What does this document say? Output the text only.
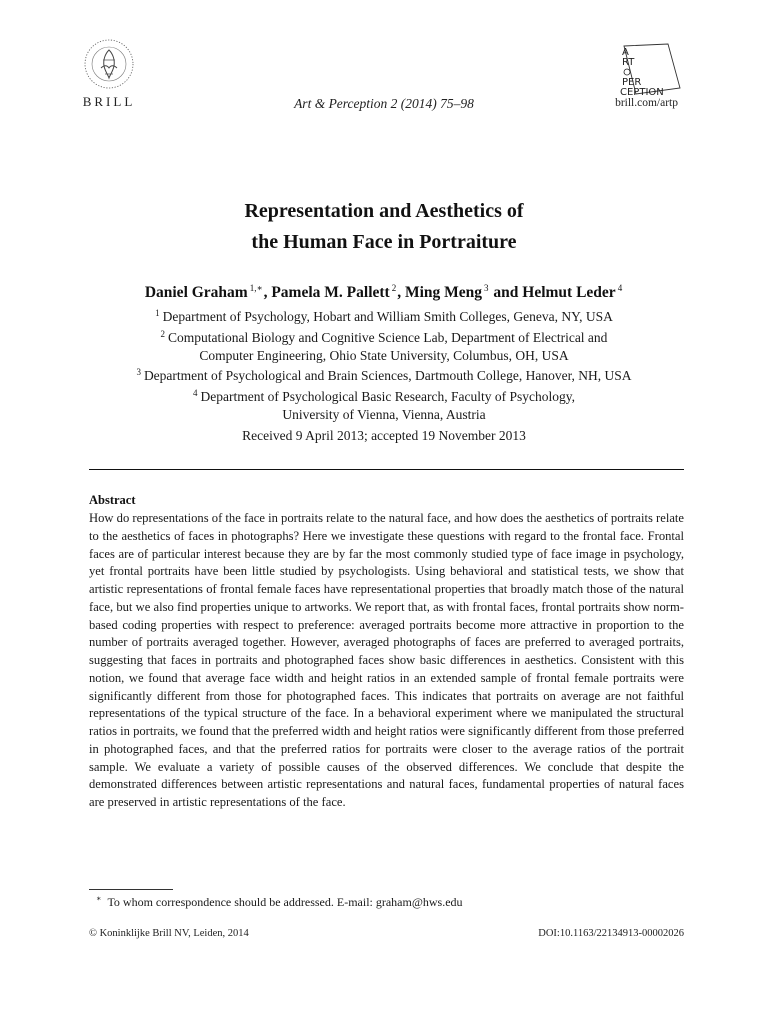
BRILL	Art & Perception 2 (2014) 75–98	brill.com/artp
A
RT
PER
CEPTION
Representation and Aesthetics of
the Human Face in Portraiture
Daniel Graham $^{1,∗}$, Pamela M. Pallett $^2$, Ming Meng $^3$ and Helmut Leder $^4$
$^1$ Department of Psychology, Hobart and William Smith Colleges, Geneva, NY, USA
$^2$ Computational Biology and Cognitive Science Lab, Department of Electrical and
Computer Engineering, Ohio State University, Columbus, OH, USA
$^3$ Department of Psychological and Brain Sciences, Dartmouth College, Hanover, NH, USA
$^4$ Department of Psychological Basic Research, Faculty of Psychology,
University of Vienna, Vienna, Austria
Received 9 April 2013; accepted 19 November 2013
Abstract
How do representations of the face in portraits relate to the natural face, and how does the aesthetics of portraits relate to the aesthetics of faces in photographs? Here we investigate these questions with regard to the frontal face. Frontal faces are of particular interest because they are by far the most commonly studied type of face image in psychology, yet frontal portraits have been little studied by psychologists. Using behavioral and statistical tests, we show that artistic representations of frontal female faces have representational properties that broadly match those of the natural face, but we also find properties unique to artworks. We report that, as with frontal faces, frontal portraits show norm-based coding properties with respect to preference: averaged portraits become more attractive in proportion to the number of portraits averaged together. However, averaged photographs of faces are preferred to averaged portraits, suggesting that faces in portraits and photographed faces show basic differences in aesthetics. Consistent with this notion, we found that average face width and height ratios in an extended sample of frontal female portraits were significantly different from those for photographed faces. This indicates that portraits on average are not faithful representations of the typical structure of the face. In a behavioral experiment where we manipulated the structural ratios in portraits, we found that the preferred width and height ratios were significantly different from those preferred in photographed faces, and that the preferred ratios for portraits were closer to the average ratios of the portrait sample. We evaluate a variety of possible causes of the observed differences. We conclude that despite the demonstrated differences between artistic representations and natural faces, fundamental properties of natural faces are preserved in artistic representations of the face.
∗ To whom correspondence should be addressed. E-mail: graham@hws.edu
© Koninklijke Brill NV, Leiden, 2014	DOI:10.1163/22134913-00002026
